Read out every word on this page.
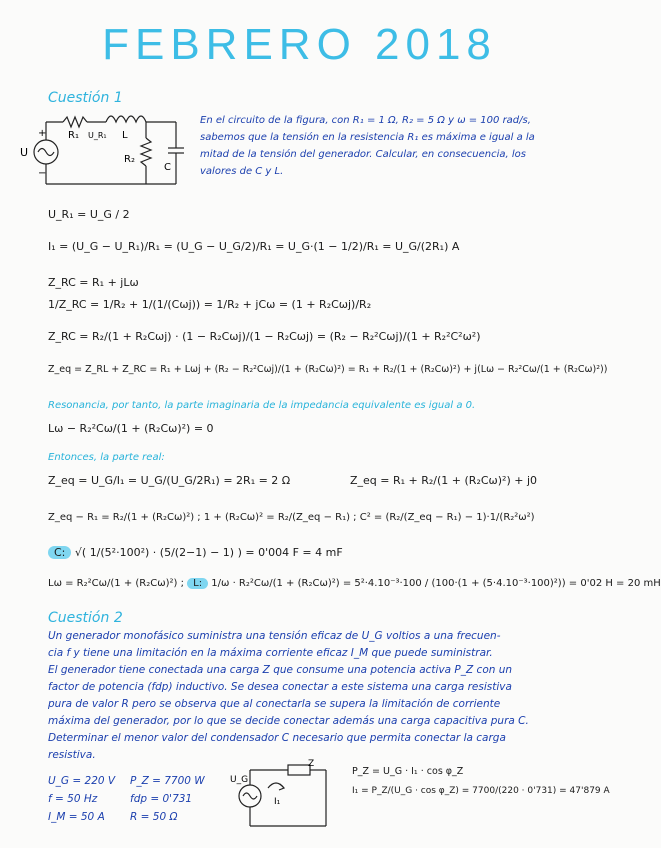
FEBRERO 2018
Cuestión 1
+
−
U
R₁ U_R₁ L
R₂
C
En el circuito de la figura, con R₁ = 1 Ω, R₂ = 5 Ω y ω = 100 rad/s,
sabemos que la tensión en la resistencia R₁ es máxima e igual a la
mitad de la tensión del generador. Calcular, en consecuencia, los
valores de C y L.
U_R₁ = U_G / 2
I₁ = (U_G − U_R₁)/R₁ = (U_G − U_G/2)/R₁ = U_G·(1 − 1/2)/R₁ = U_G/(2R₁) A
Z_RC = R₁ + jLω
1/Z_RC = 1/R₂ + 1/(1/(Cωj)) = 1/R₂ + jCω = (1 + R₂Cωj)/R₂
Z_RC = R₂/(1 + R₂Cωj) · (1 − R₂Cωj)/(1 − R₂Cωj) = (R₂ − R₂²Cωj)/(1 + R₂²C²ω²)
Z_eq = Z_RL + Z_RC = R₁ + Lωj + (R₂ − R₂²Cωj)/(1 + (R₂Cω)²) = R₁ + R₂/(1 + (R₂Cω)²) + j(Lω − R₂²Cω/(1 + (R₂Cω)²))
Resonancia, por tanto, la parte imaginaria de la impedancia equivalente es igual a 0.
Lω − R₂²Cω/(1 + (R₂Cω)²) = 0
Entonces, la parte real:
Z_eq = U_G/I₁ = U_G/(U_G/2R₁) = 2R₁ = 2 Ω	Z_eq = R₁ + R₂/(1 + (R₂Cω)²) + j0
Z_eq − R₁ = R₂/(1 + (R₂Cω)²) ; 1 + (R₂Cω)² = R₂/(Z_eq − R₁) ; C² = (R₂/(Z_eq − R₁) − 1)·1/(R₂²ω²)
C: √( 1/(5²·100²) · (5/(2−1) − 1) ) = 0'004 F = 4 mF
Lω = R₂²Cω/(1 + (R₂Cω)²) ; L: 1/ω · R₂²Cω/(1 + (R₂Cω)²) = 5²·4.10⁻³·100 / (100·(1 + (5·4.10⁻³·100)²)) = 0'02 H = 20 mH
Cuestión 2
Un generador monofásico suministra una tensión eficaz de U_G voltios a una frecuen-
cia f y tiene una limitación en la máxima corriente eficaz I_M que puede suministrar.
El generador tiene conectada una carga Z que consume una potencia activa P_Z con un
factor de potencia (fdp) inductivo. Se desea conectar a este sistema una carga resistiva
pura de valor R pero se observa que al conectarla se supera la limitación de corriente
máxima del generador, por lo que se decide conectar además una carga capacitiva pura C.
Determinar el menor valor del condensador C necesario que permita conectar la carga
resistiva.
U_G = 220 V P_Z = 7700 W
f = 50 Hz	fdp = 0'731
I_M = 50 A R = 50 Ω
U_G
I₁
Z
P_Z = U_G · I₁ · cos φ_Z
I₁ = P_Z/(U_G · cos φ_Z) = 7700/(220 · 0'731) = 47'879 A
